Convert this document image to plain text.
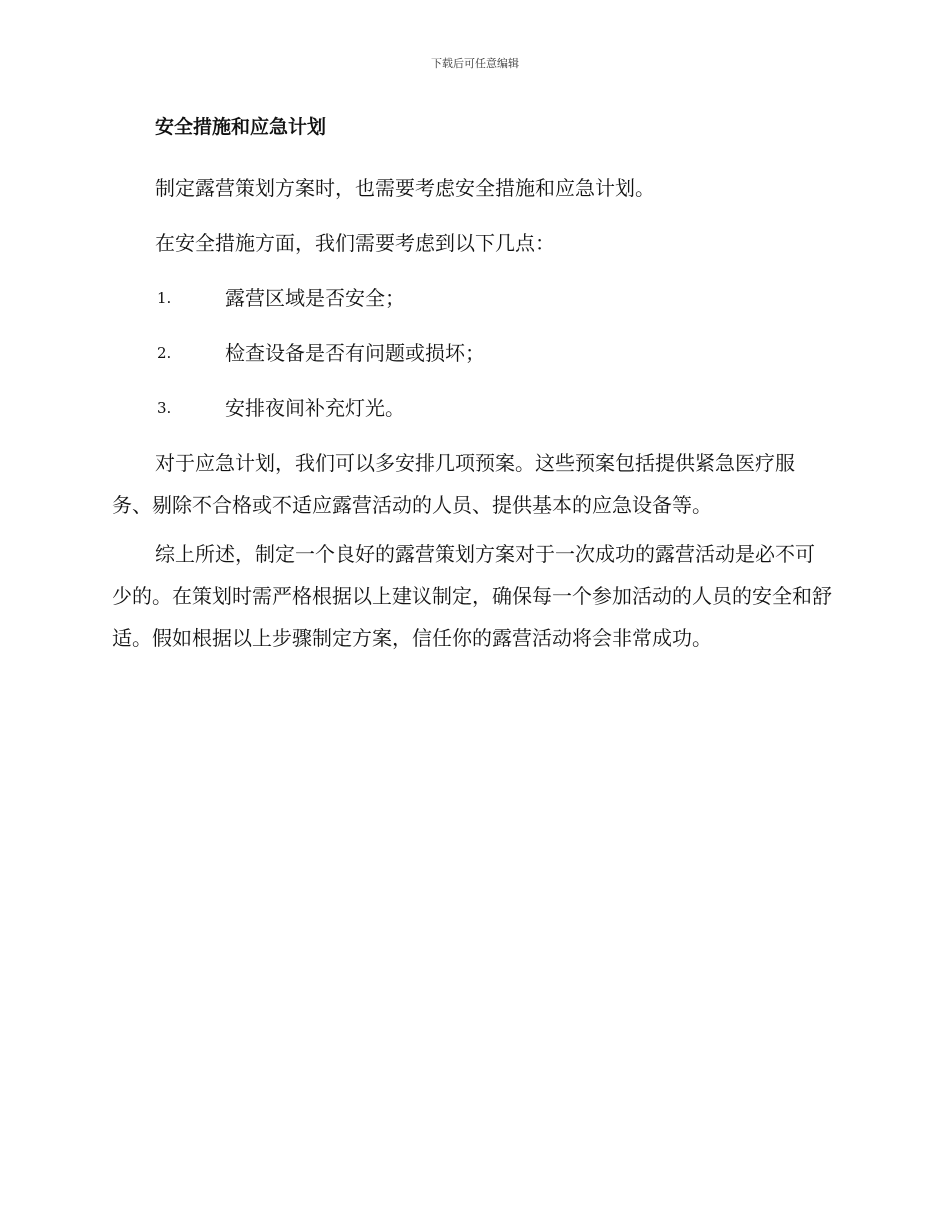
下载后可任意编辑
安全措施和应急计划

制定露营策划方案时，也需要考虑安全措施和应急计划。

在安全措施方面，我们需要考虑到以下几点：

1.	露营区域是否安全；
2.	检查设备是否有问题或损坏；
3.	安排夜间补充灯光。

对于应急计划，我们可以多安排几项预案。这些预案包括提供紧急医疗服务、剔除不合格或不适应露营活动的人员、提供基本的应急设备等。

综上所述，制定一个良好的露营策划方案对于一次成功的露营活动是必不可少的。在策划时需严格根据以上建议制定，确保每一个参加活动的人员的安全和舒适。假如根据以上步骤制定方案，信任你的露营活动将会非常成功。
